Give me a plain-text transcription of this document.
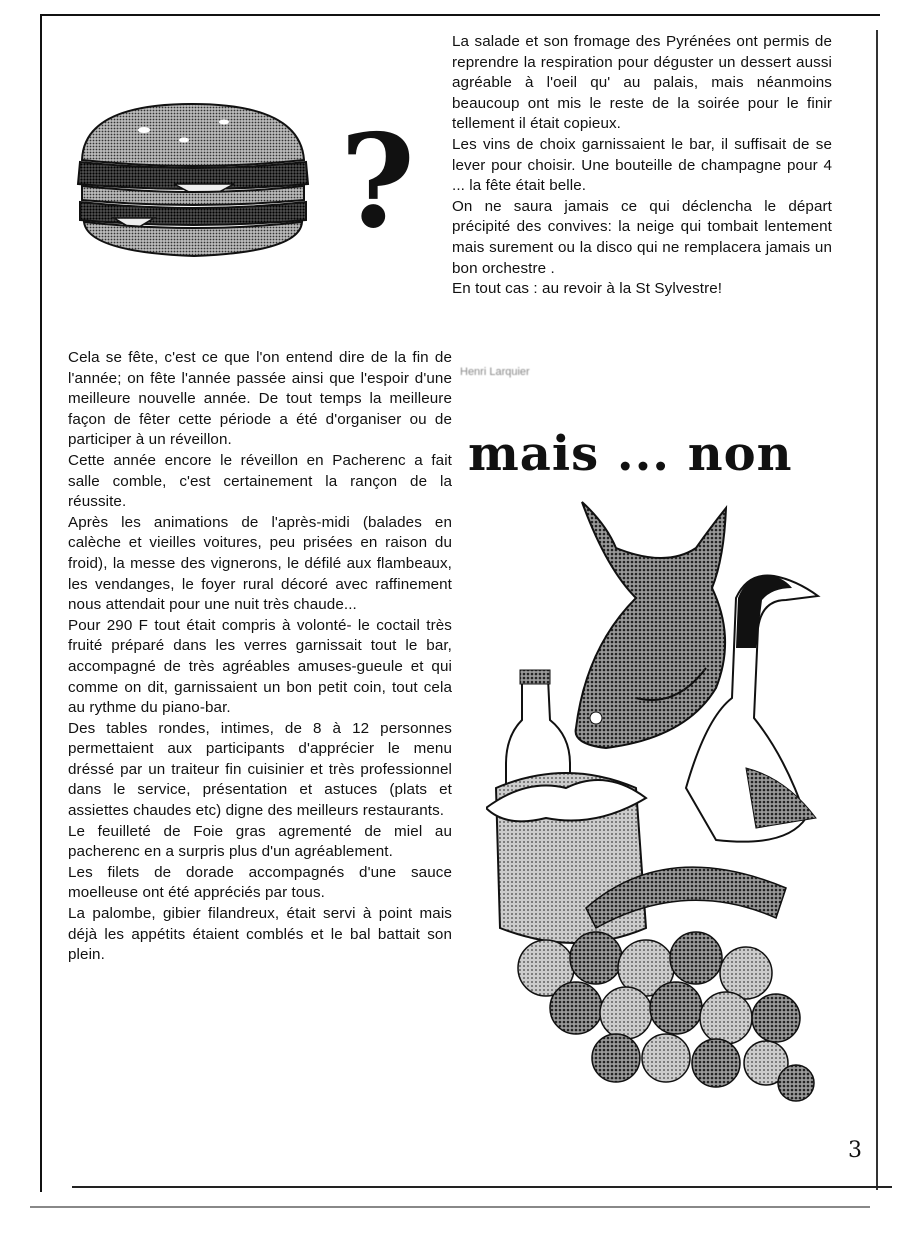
?

La salade et son fromage des Pyrénées ont permis de reprendre la respiration pour déguster un dessert aussi agréable à l'oeil qu' au palais, mais néanmoins beaucoup ont mis le reste de la soirée pour le finir tellement il était copieux.

Les vins de choix garnissaient le bar, il suffisait de se lever pour choisir. Une bouteille de champagne pour 4 ... la fête était belle.

On ne saura jamais ce qui déclencha le départ précipité des convives: la neige qui tombait lentement mais surement ou la disco qui ne remplacera jamais un bon orchestre .

En tout cas : au revoir à la St Sylvestre!

Henri Larquier
mais ... non

Cela se fête, c'est ce que l'on entend dire de la fin de l'année; on fête l'année passée ainsi que l'espoir d'une meilleure nouvelle année. De tout temps la meilleure façon de fêter cette période a été d'organiser ou de participer à un réveillon.

Cette année encore le réveillon en Pacherenc a fait salle comble, c'est certainement la rançon de la réussite.

Après les animations de l'après-midi (balades en calèche et vieilles voitures, peu prisées en raison du froid), la messe des vignerons, le défilé aux flambeaux, les vendanges, le foyer rural décoré avec raffinement nous attendait pour une nuit très chaude...

Pour 290 F tout était compris à volonté- le coctail très fruité préparé dans les verres garnissait tout le bar, accompagné de très agréables amuses-gueule et qui comme on dit, garnissaient un bon petit coin, tout cela au rythme du piano-bar.

Des tables rondes, intimes, de 8 à 12 personnes permettaient aux participants d'apprécier le menu dréssé par un traiteur fin cuisinier et très professionnel dans le service, présentation et astuces (plats et assiettes chaudes etc) digne des meilleurs restaurants.

Le feuilleté de Foie gras agrementé de miel au pacherenc en a surpris plus d'un agréablement.

Les filets de dorade accompagnés d'une sauce moelleuse ont été appréciés par tous.

La palombe, gibier filandreux, était servi à point mais déjà les appétits étaient comblés et le bal battait son plein.

3
